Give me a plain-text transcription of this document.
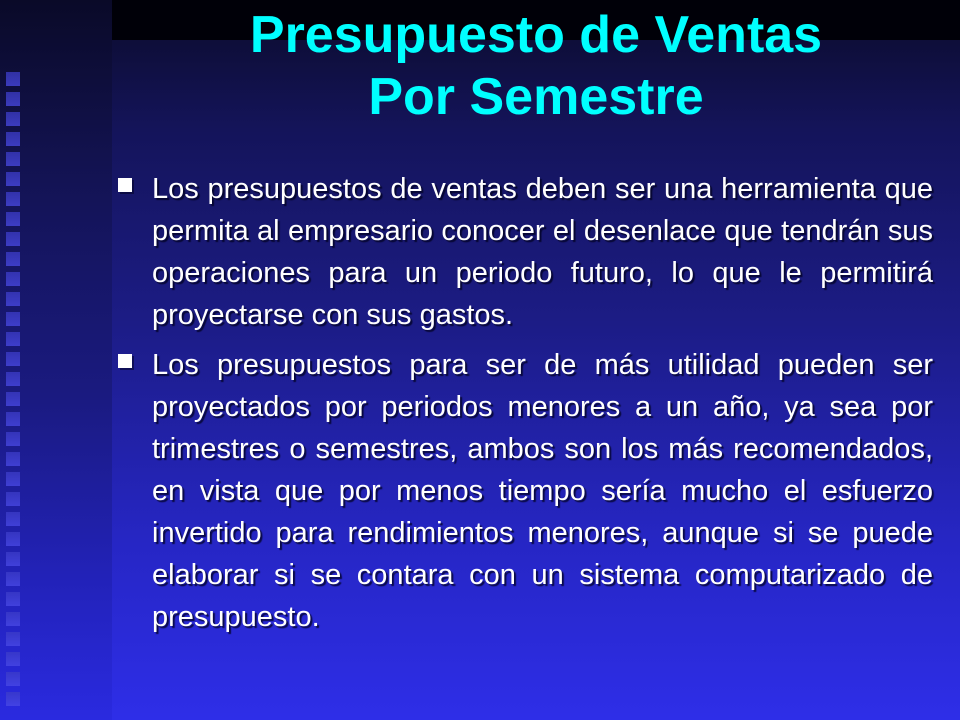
Presupuesto de Ventas
Por Semestre
Los presupuestos de ventas deben ser una herramienta que permita al empresario conocer el desenlace que tendrán sus operaciones para un periodo futuro, lo que le permitirá proyectarse con sus gastos.
Los presupuestos para ser de más utilidad pueden ser proyectados por periodos menores a un año, ya sea por trimestres o semestres, ambos son los más recomendados, en vista que por menos tiempo sería mucho el esfuerzo invertido para rendimientos menores, aunque si se puede elaborar si se contara con un sistema computarizado de presupuesto.
